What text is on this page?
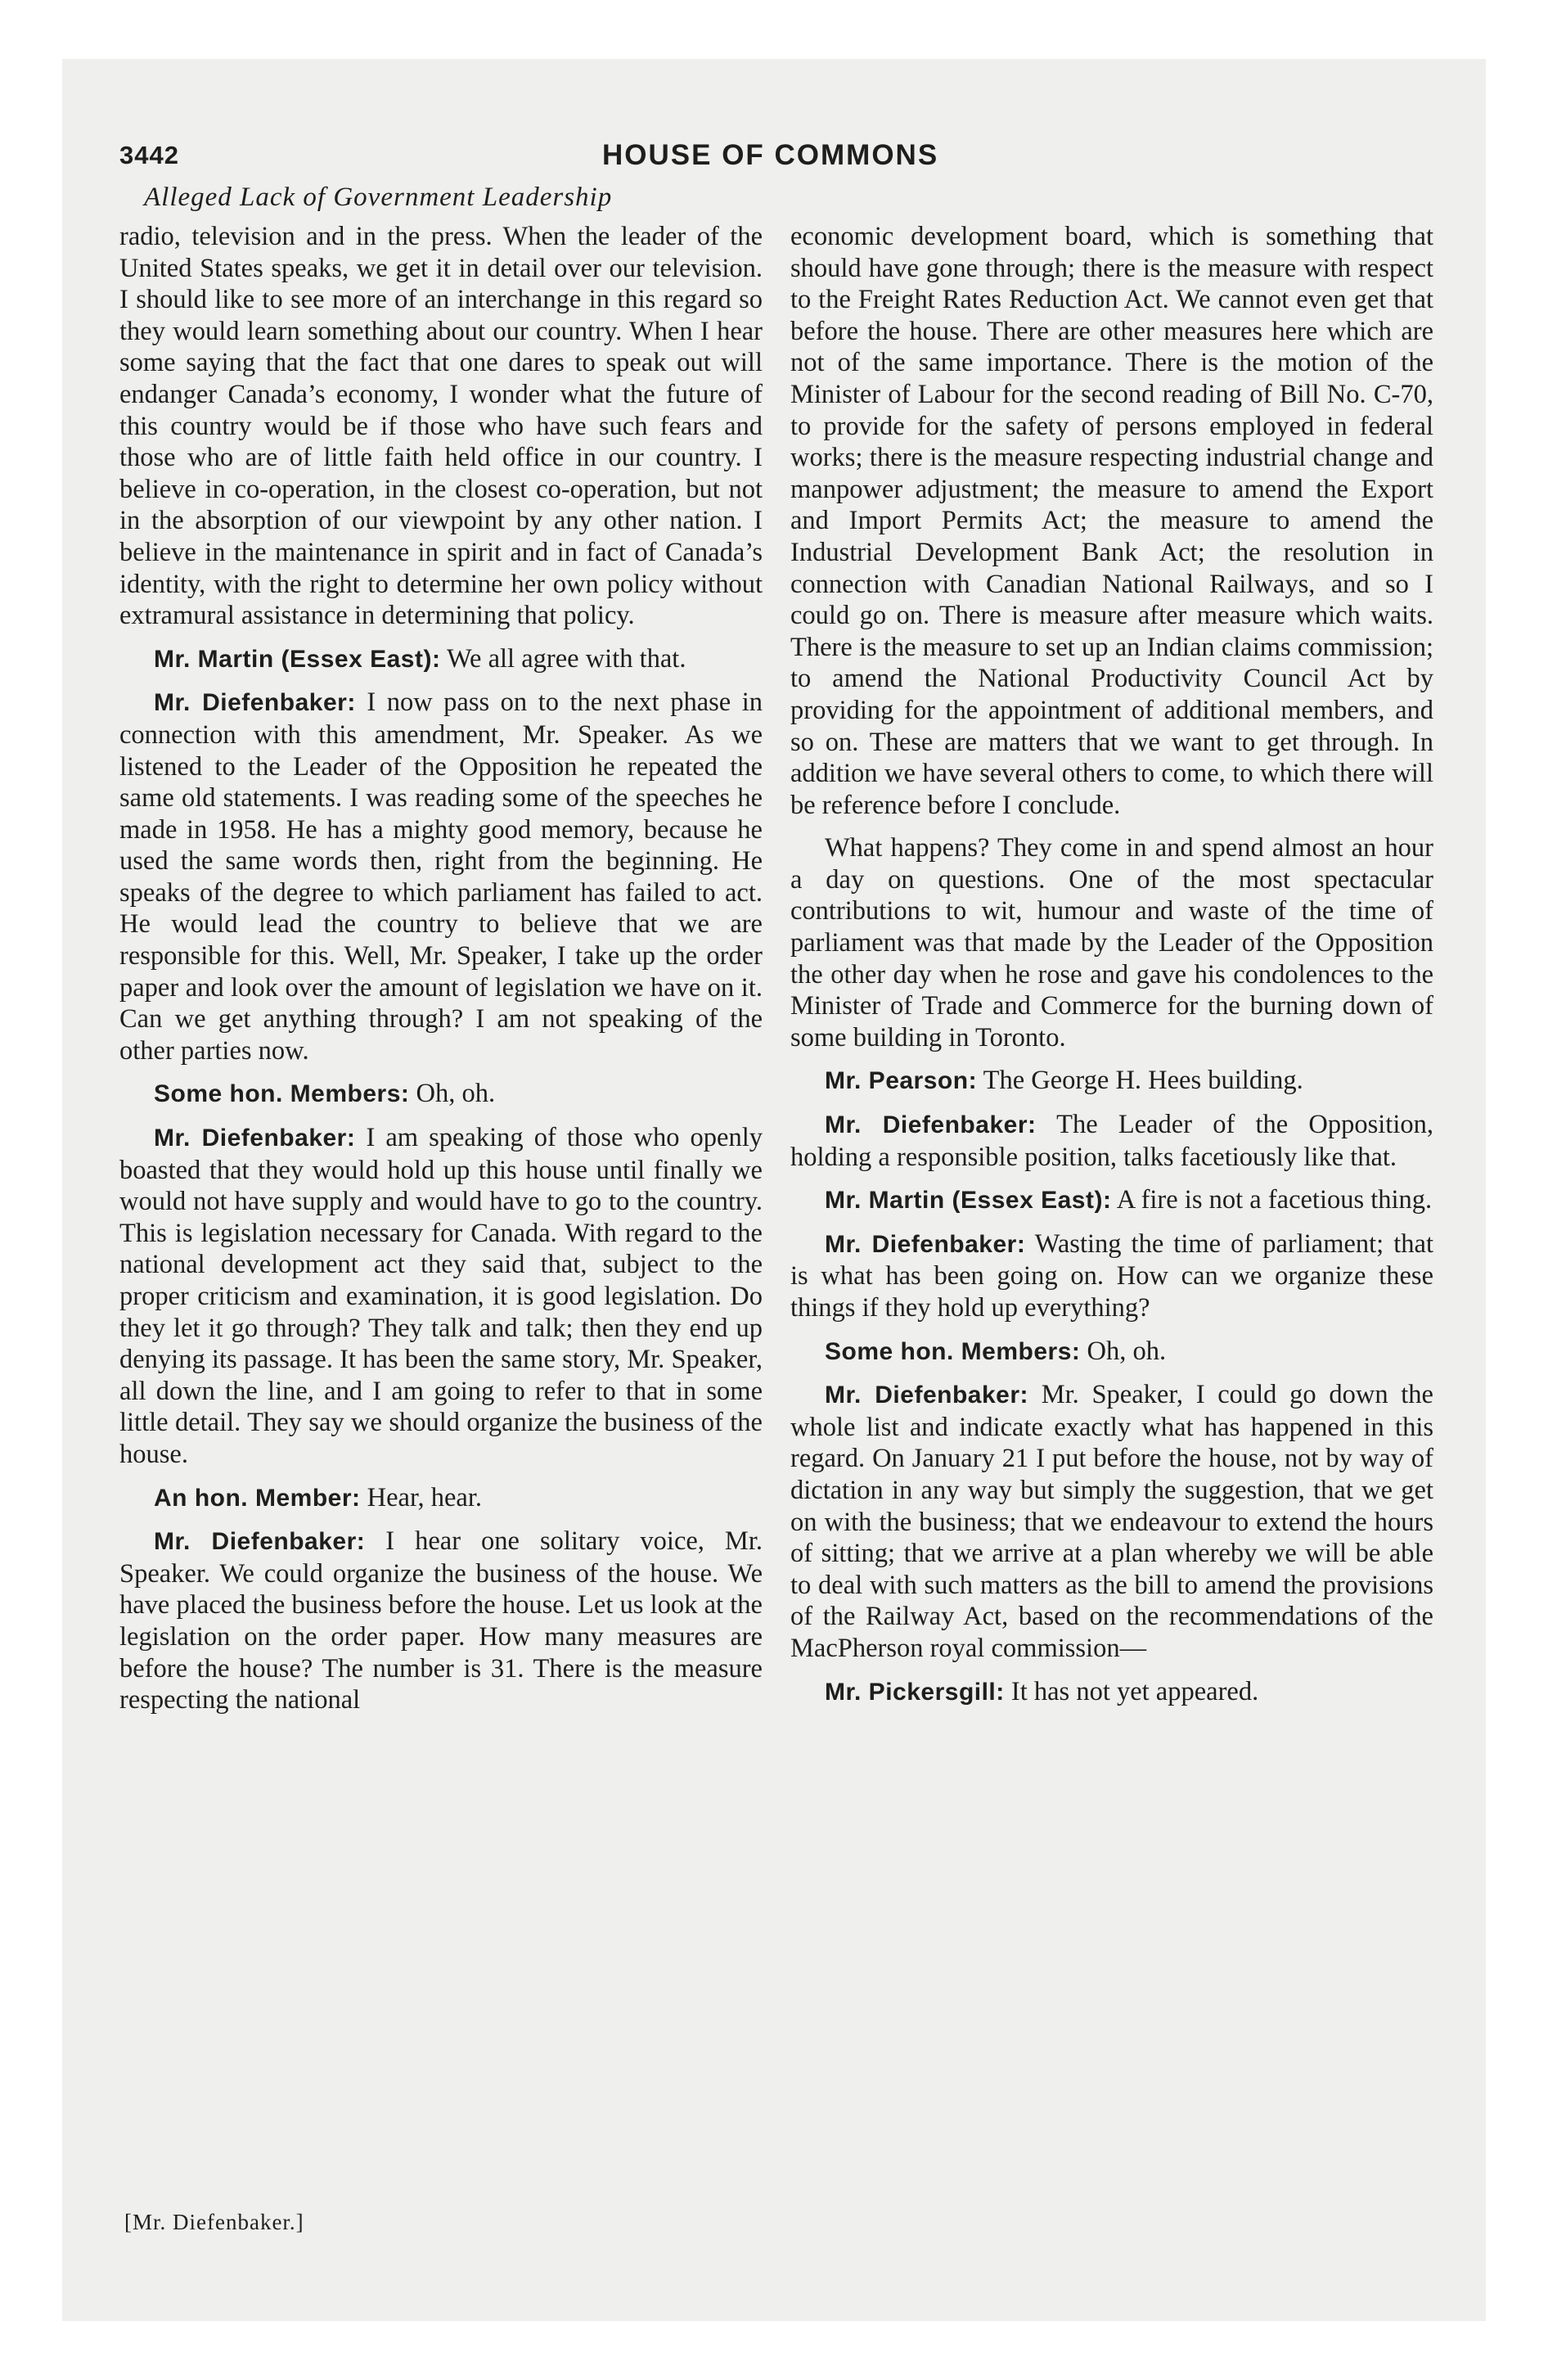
3442	HOUSE OF COMMONS
Alleged Lack of Government Leadership

radio, television and in the press. When the leader of the United States speaks, we get it in detail over our television. I should like to see more of an interchange in this regard so they would learn something about our country. When I hear some saying that the fact that one dares to speak out will endanger Canada’s economy, I wonder what the future of this country would be if those who have such fears and those who are of little faith held office in our country. I believe in co-operation, in the closest co-operation, but not in the absorption of our viewpoint by any other nation. I believe in the maintenance in spirit and in fact of Canada’s identity, with the right to determine her own policy without extramural assistance in determining that policy.

Mr. Martin (Essex East): We all agree with that.

Mr. Diefenbaker: I now pass on to the next phase in connection with this amendment, Mr. Speaker. As we listened to the Leader of the Opposition he repeated the same old statements. I was reading some of the speeches he made in 1958. He has a mighty good memory, because he used the same words then, right from the beginning. He speaks of the degree to which parliament has failed to act. He would lead the country to believe that we are responsible for this. Well, Mr. Speaker, I take up the order paper and look over the amount of legislation we have on it. Can we get anything through? I am not speaking of the other parties now.

Some hon. Members: Oh, oh.

Mr. Diefenbaker: I am speaking of those who openly boasted that they would hold up this house until finally we would not have supply and would have to go to the country. This is legislation necessary for Canada. With regard to the national development act they said that, subject to the proper criticism and examination, it is good legislation. Do they let it go through? They talk and talk; then they end up denying its passage. It has been the same story, Mr. Speaker, all down the line, and I am going to refer to that in some little detail. They say we should organize the business of the house.

An hon. Member: Hear, hear.

Mr. Diefenbaker: I hear one solitary voice, Mr. Speaker. We could organize the business of the house. We have placed the business before the house. Let us look at the legislation on the order paper. How many measures are before the house? The number is 31. There is the measure respecting the national

economic development board, which is something that should have gone through; there is the measure with respect to the Freight Rates Reduction Act. We cannot even get that before the house. There are other measures here which are not of the same importance. There is the motion of the Minister of Labour for the second reading of Bill No. C-70, to provide for the safety of persons employed in federal works; there is the measure respecting industrial change and manpower adjustment; the measure to amend the Export and Import Permits Act; the measure to amend the Industrial Development Bank Act; the resolution in connection with Canadian National Railways, and so I could go on. There is measure after measure which waits. There is the measure to set up an Indian claims commission; to amend the National Productivity Council Act by providing for the appointment of additional members, and so on. These are matters that we want to get through. In addition we have several others to come, to which there will be reference before I conclude.

What happens? They come in and spend almost an hour a day on questions. One of the most spectacular contributions to wit, humour and waste of the time of parliament was that made by the Leader of the Opposition the other day when he rose and gave his condolences to the Minister of Trade and Commerce for the burning down of some building in Toronto.

Mr. Pearson: The George H. Hees building.

Mr. Diefenbaker: The Leader of the Opposition, holding a responsible position, talks facetiously like that.

Mr. Martin (Essex East): A fire is not a facetious thing.

Mr. Diefenbaker: Wasting the time of parliament; that is what has been going on. How can we organize these things if they hold up everything?

Some hon. Members: Oh, oh.

Mr. Diefenbaker: Mr. Speaker, I could go down the whole list and indicate exactly what has happened in this regard. On January 21 I put before the house, not by way of dictation in any way but simply the suggestion, that we get on with the business; that we endeavour to extend the hours of sitting; that we arrive at a plan whereby we will be able to deal with such matters as the bill to amend the provisions of the Railway Act, based on the recommendations of the MacPherson royal commission—

Mr. Pickersgill: It has not yet appeared.

[Mr. Diefenbaker.]
